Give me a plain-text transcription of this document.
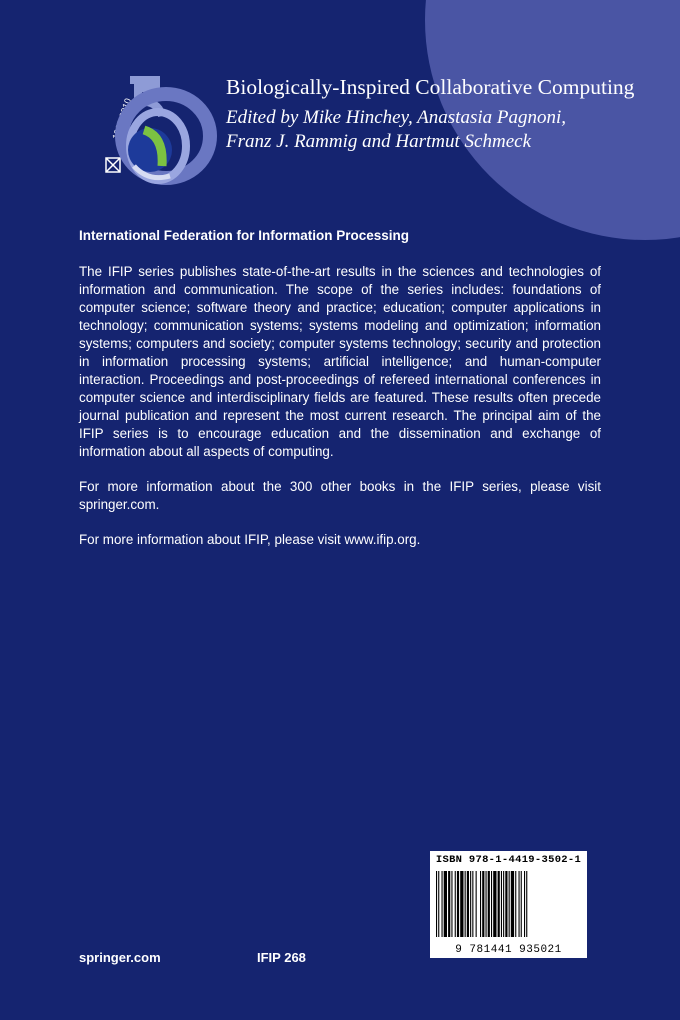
1960 2010
Biologically-Inspired Collaborative Computing
Edited by Mike Hinchey, Anastasia Pagnoni,
Franz J. Rammig and Hartmut Schmeck

International Federation for Information Processing

The IFIP series publishes state-of-the-art results in the sciences and technologies of information and communication. The scope of the series includes: foundations of computer science; software theory and practice; education; computer applications in technology; communication systems; systems modeling and optimization; information systems; computers and society; computer systems technology; security and protection in information processing systems; artificial intelligence; and human-computer interaction. Proceedings and post-proceedings of refereed international conferences in computer science and interdisciplinary fields are featured. These results often precede journal publication and represent the most current research. The principal aim of the IFIP series is to encourage education and the dissemination and exchange of information about all aspects of computing.

For more information about the 300 other books in the IFIP series, please visit springer.com.

For more information about IFIP, please visit www.ifip.org.

ISBN 978-1-4419-3502-1
9 781441 935021
springer.com	IFIP 268
